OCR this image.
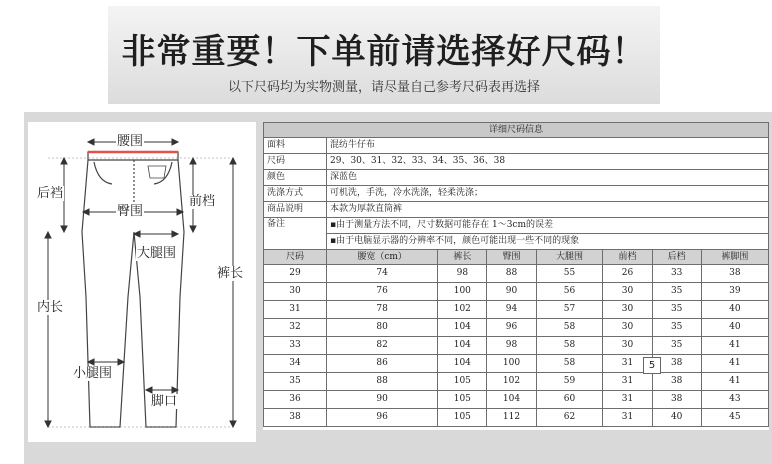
非常重要！下单前请选择好尺码！
以下尺码均为实物测量，请尽量自己参考尺码表再选择
腰围
后裆
臀围
前档
大腿围
内长
裤长
小腿围
脚口
详细尺码信息							
面料	混纺牛仔布						
尺码	29、30、31、32、33、34、35、36、38						
颜色	深蓝色						
洗涤方式	可机洗，手洗，冷水洗涤，轻柔洗涤；						
商品说明	本款为厚款直筒裤						
备注	▪由于测量方法不同，尺寸数据可能存在 1～3cm的误差						
	▪由于电脑显示器的分辨率不同，颜色可能出现一些不同的现象						
尺码	腰宽（cm）	裤长	臀围	大腿围	前档	后档	裤脚围
29	74	98	88	55	26	33	38
30	76	100	90	56	30	35	39
31	78	102	94	57	30	35	40
32	80	104	96	58	30	35	40
33	82	104	98	58	30	35	41
34	86	104	100	58	31	38	41
35	88	105	102	59	31	38	41
36	90	105	104	60	31	38	43
38	96	105	112	62	31	40	45
5
